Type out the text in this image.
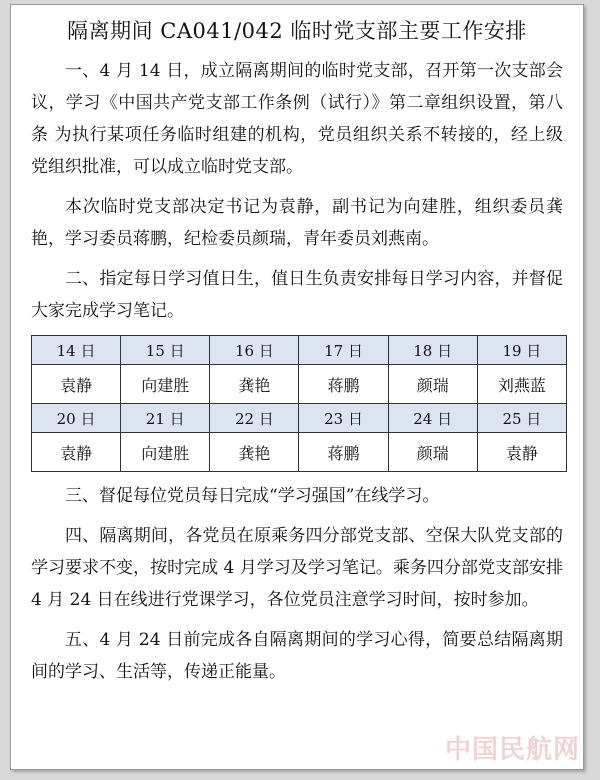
隔离期间 CA041/042 临时党支部主要工作安排

一、4 月 14 日，成立隔离期间的临时党支部，召开第一次支部会议，学习《中国共产党支部工作条例（试行）》第二章组织设置，第八条 为执行某项任务临时组建的机构，党员组织关系不转接的，经上级党组织批准，可以成立临时党支部。

本次临时党支部决定书记为袁静，副书记为向建胜，组织委员龚艳，学习委员蒋鹏，纪检委员颜瑞，青年委员刘燕南。

二、指定每日学习值日生，值日生负责安排每日学习内容，并督促大家完成学习笔记。

14 日	15 日	16 日	17 日	18 日	19 日
袁静	向建胜	龚艳	蒋鹏	颜瑞	刘燕蓝
20 日	21 日	22 日	23 日	24 日	25 日
袁静	向建胜	龚艳	蒋鹏	颜瑞	袁静

三、督促每位党员每日完成“学习强国”在线学习。

四、隔离期间，各党员在原乘务四分部党支部、空保大队党支部的学习要求不变，按时完成 4 月学习及学习笔记。乘务四分部党支部安排 4 月 24 日在线进行党课学习，各位党员注意学习时间，按时参加。

五、4 月 24 日前完成各自隔离期间的学习心得，简要总结隔离期间的学习、生活等，传递正能量。

中国民航网
